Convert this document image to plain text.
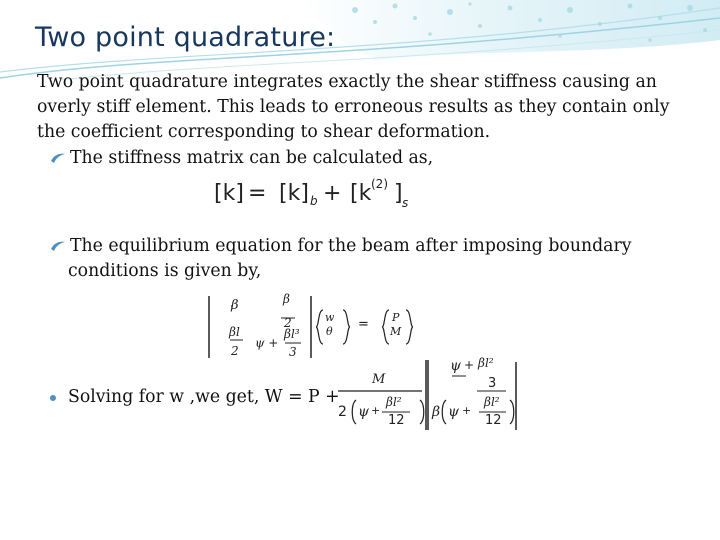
Two point quadrature:
Two point quadrature integrates exactly the shear stiffness causing an overly stiff element. This leads to erroneous results as they contain only the coefficient corresponding to shear deformation.
The stiffness matrix can be calculated as,
[k] = [k] b + [k (2) ] s
The equilibrium equation for the beam after imposing boundary
conditions is given by,
β	β
2
βl
2
ψ +
βl³
3
w
θ = P
M
Solving for w ,we get, W = P +
M
2 ψ +
βl²
12
β ψ +
βl²
12
ψ + βl²
3
